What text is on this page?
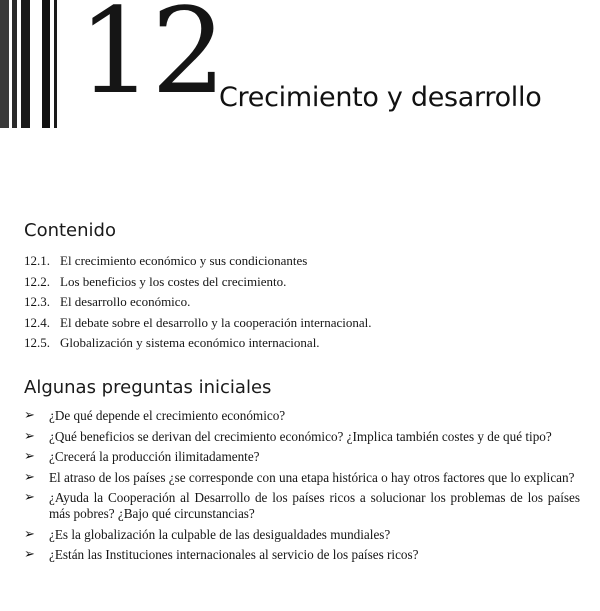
12
Crecimiento y desarrollo
Contenido
12.1. El crecimiento económico y sus condicionantes
12.2. Los beneficios y los costes del crecimiento.
12.3. El desarrollo económico.
12.4. El debate sobre el desarrollo y la cooperación internacional.
12.5. Globalización y sistema económico internacional.
Algunas preguntas iniciales
➢	¿De qué depende el crecimiento económico?
➢	¿Qué beneficios se derivan del crecimiento económico? ¿Implica también costes y de qué tipo?
➢	¿Crecerá la producción ilimitadamente?
➢	El atraso de los países ¿se corresponde con una etapa histórica o hay otros factores que lo explican?
➢	¿Ayuda la Cooperación al Desarrollo de los países ricos a solucionar los problemas de los países más pobres? ¿Bajo qué circunstancias?
➢	¿Es la globalización la culpable de las desigualdades mundiales?
➢	¿Están las Instituciones internacionales al servicio de los países ricos?
